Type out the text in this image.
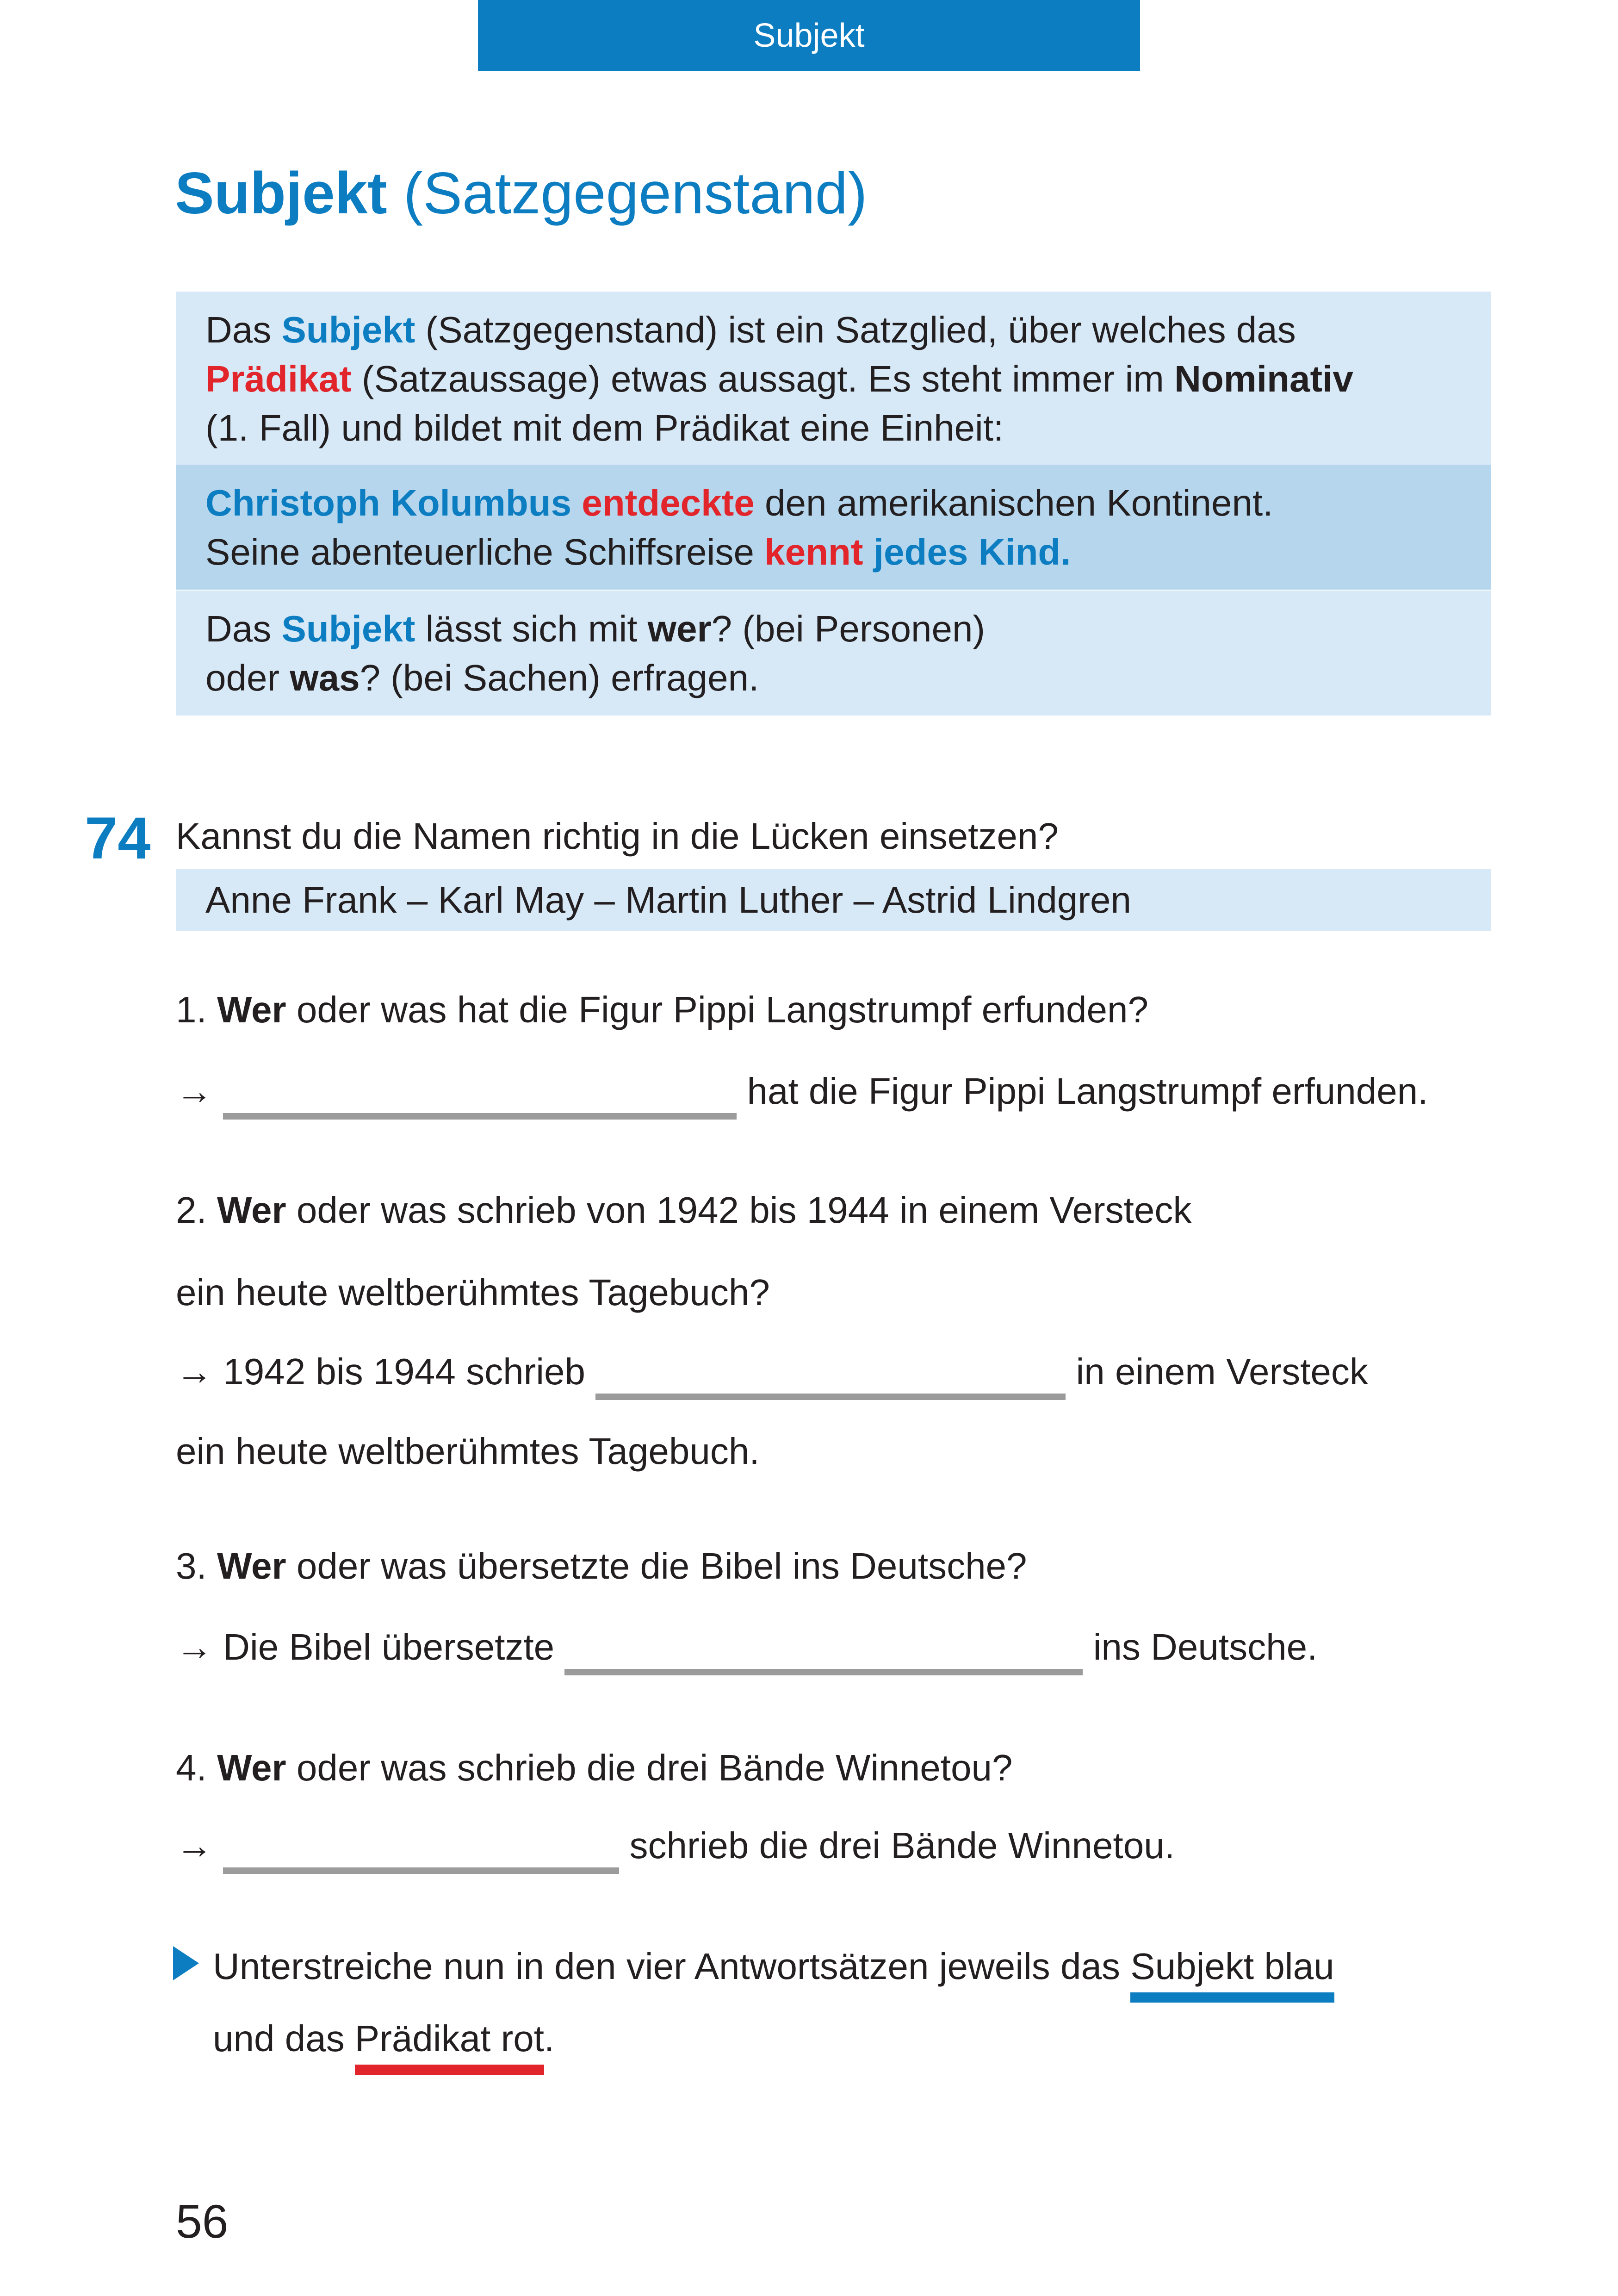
Subjekt
Subjekt (Satzgegenstand)
Das Subjekt (Satzgegenstand) ist ein Satzglied, über welches das
Prädikat (Satzaussage) etwas aussagt. Es steht immer im Nominativ
(1. Fall) und bildet mit dem Prädikat eine Einheit:
Christoph Kolumbus entdeckte den amerikanischen Kontinent.
Seine abenteuerliche Schiffsreise kennt jedes Kind.
Das Subjekt lässt sich mit wer? (bei Personen)
oder was? (bei Sachen) erfragen.
74 Kannst du die Namen richtig in die Lücken einsetzen?
Anne Frank – Karl May – Martin Luther – Astrid Lindgren
1. Wer oder was hat die Figur Pippi Langstrumpf erfunden?
→	hat die Figur Pippi Langstrumpf erfunden.
2. Wer oder was schrieb von 1942 bis 1944 in einem Versteck
ein heute weltberühmtes Tagebuch?
→ 1942 bis 1944 schrieb	in einem Versteck
ein heute weltberühmtes Tagebuch.
3. Wer oder was übersetzte die Bibel ins Deutsche?
→ Die Bibel übersetzte	ins Deutsche.
4. Wer oder was schrieb die drei Bände Winnetou?
→	schrieb die drei Bände Winnetou.
Unterstreiche nun in den vier Antwortsätzen jeweils das Subjekt blau
und das Prädikat rot.
56
